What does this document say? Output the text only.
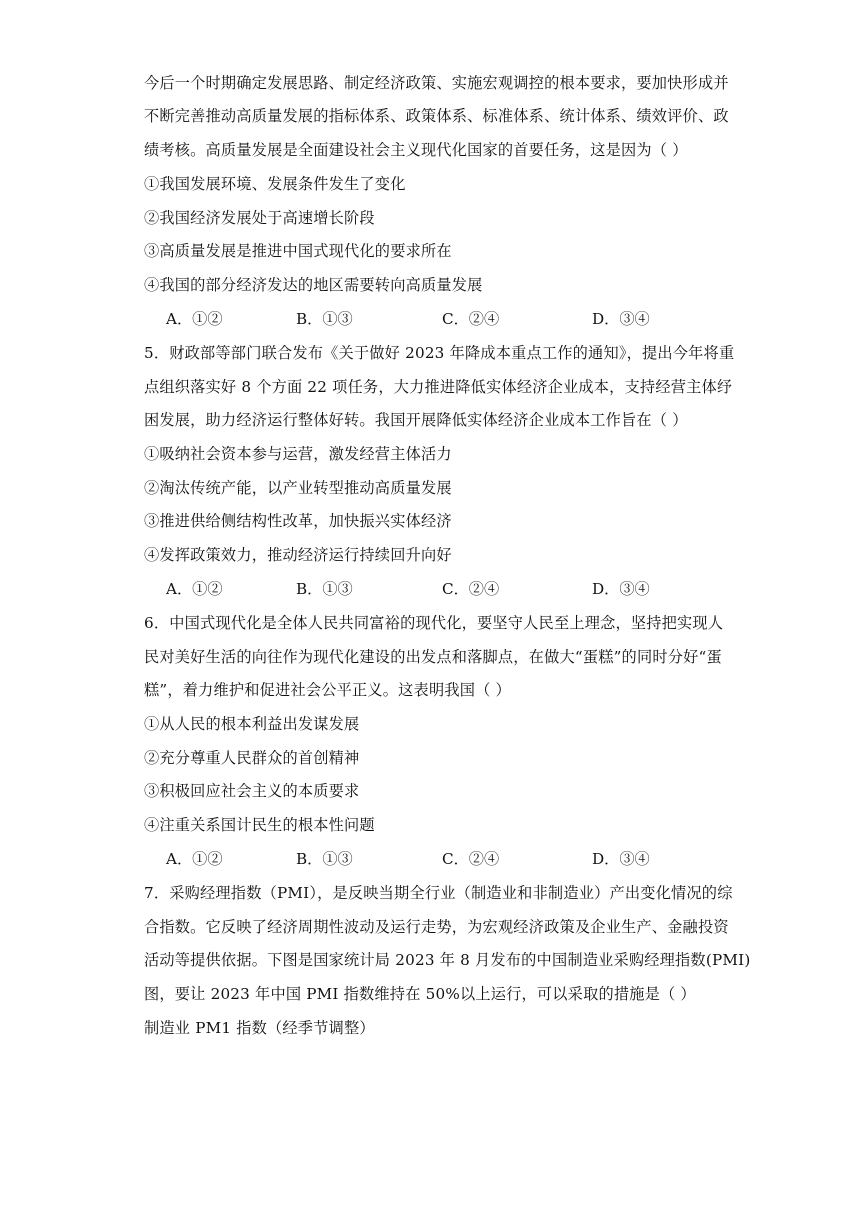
今后一个时期确定发展思路、制定经济政策、实施宏观调控的根本要求，要加快形成并
不断完善推动高质量发展的指标体系、政策体系、标准体系、统计体系、绩效评价、政
绩考核。高质量发展是全面建设社会主义现代化国家的首要任务，这是因为（ ）
①我国发展环境、发展条件发生了变化
②我国经济发展处于高速增长阶段
③高质量发展是推进中国式现代化的要求所在
④我国的部分经济发达的地区需要转向高质量发展
A．①②	B．①③	C．②④	D．③④
5．财政部等部门联合发布《关于做好 2023 年降成本重点工作的通知》，提出今年将重
点组织落实好 8 个方面 22 项任务，大力推进降低实体经济企业成本，支持经营主体纾
困发展，助力经济运行整体好转。我国开展降低实体经济企业成本工作旨在（ ）
①吸纳社会资本参与运营，激发经营主体活力
②淘汰传统产能，以产业转型推动高质量发展
③推进供给侧结构性改革，加快振兴实体经济
④发挥政策效力，推动经济运行持续回升向好
A．①②	B．①③	C．②④	D．③④
6．中国式现代化是全体人民共同富裕的现代化，要坚守人民至上理念，坚持把实现人
民对美好生活的向往作为现代化建设的出发点和落脚点，在做大“蛋糕”的同时分好“蛋
糕”，着力维护和促进社会公平正义。这表明我国（ ）
①从人民的根本利益出发谋发展
②充分尊重人民群众的首创精神
③积极回应社会主义的本质要求
④注重关系国计民生的根本性问题
A．①②	B．①③	C．②④	D．③④
7．采购经理指数（PMI），是反映当期全行业（制造业和非制造业）产出变化情况的综
合指数。它反映了经济周期性波动及运行走势，为宏观经济政策及企业生产、金融投资
活动等提供依据。下图是国家统计局 2023 年 8 月发布的中国制造业采购经理指数(PMI)
图，要让 2023 年中国 PMI 指数维持在 50%以上运行，可以采取的措施是（ ）
制造业 PM1 指数（经季节调整）
